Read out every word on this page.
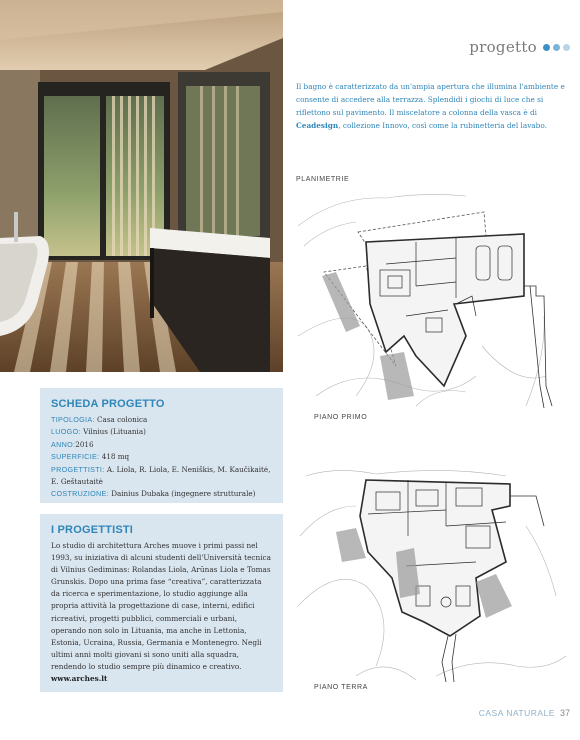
progetto

Il bagno è caratterizzato da un'ampia apertura che illumina l'ambiente e consente di accedere alla terrazza. Splendidi i giochi di luce che si riflettono sul pavimento. Il miscelatore a colonna della vasca è di Ceadesign, collezione Innovo, così come la rubinetteria del lavabo.

PLANIMETRIE
PIANO PRIMO
PIANO TERRA
SCHEDA PROGETTO
TIPOLOGIA: Casa colonica
LUOGO: Vilnius (Lituania)
ANNO:2016
SUPERFICIE: 418 mq
PROGETTISTI: A. Liola, R. Liola, E. Neniškis, M. Kaučikaitė, E. Geštautaitė
COSTRUZIONE: Dainius Dubaka (ingegnere strutturale)
I PROGETTISTI

Lo studio di architettura Arches muove i primi passi nel 1993, su iniziativa di alcuni studenti dell'Università tecnica di Vilnius Gediminas: Rolandas Liola, Arūnas Liola e Tomas Grunskis. Dopo una prima fase “creativa”, caratterizzata da ricerca e sperimentazione, lo studio aggiunge alla propria attività la progettazione di case, interni, edifici ricreativi, progetti pubblici, commerciali e urbani, operando non solo in Lituania, ma anche in Lettonia, Estonia, Ucraina, Russia, Germania e Montenegro. Negli ultimi anni molti giovani si sono uniti alla squadra, rendendo lo studio sempre più dinamico e creativo. www.arches.lt

CASA NATURALE 37
